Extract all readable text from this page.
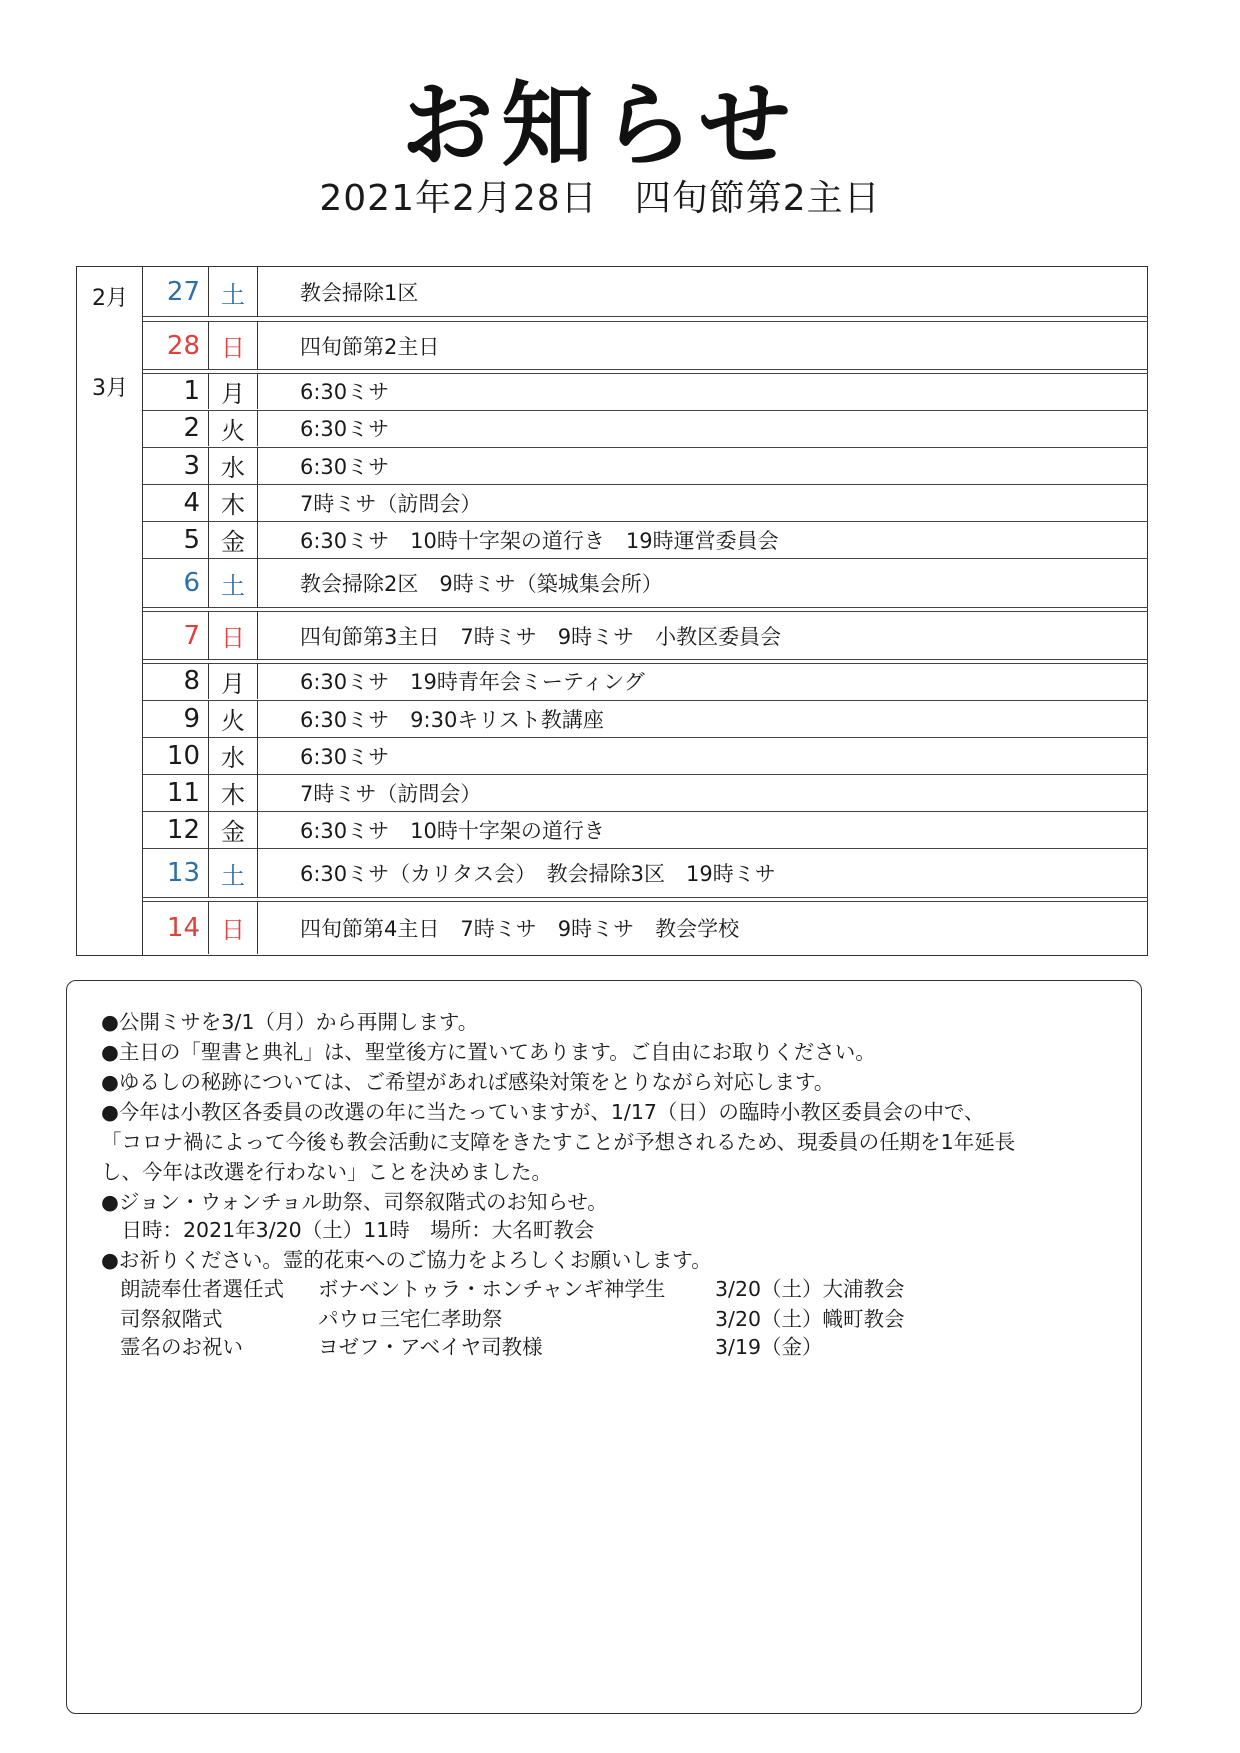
お知らせ
2021年2月28日　四旬節第2主日
2月
3月
27 土	教会掃除1区
28 日	四旬節第2主日
1 月	6:30ミサ
2 火	6:30ミサ
3 水	6:30ミサ
4 木	7時ミサ（訪問会）
5 金	6:30ミサ　10時十字架の道行き　19時運営委員会
6 土	教会掃除2区　9時ミサ（築城集会所）
7 日	四旬節第3主日　7時ミサ　9時ミサ　小教区委員会
8 月	6:30ミサ　19時青年会ミーティング
9 火	6:30ミサ　9:30キリスト教講座
10 水	6:30ミサ
11 木	7時ミサ（訪問会）
12 金	6:30ミサ　10時十字架の道行き
13 土	6:30ミサ（カリタス会）　教会掃除3区　19時ミサ
14 日	四旬節第4主日　7時ミサ　9時ミサ　教会学校
●公開ミサを3/1（月）から再開します。
●主日の「聖書と典礼」は、聖堂後方に置いてあります。ご自由にお取りください。
●ゆるしの秘跡については、ご希望があれば感染対策をとりながら対応します。
●今年は小教区各委員の改選の年に当たっていますが、1/17（日）の臨時小教区委員会の中で、
「コロナ禍によって今後も教会活動に支障をきたすことが予想されるため、現委員の任期を1年延長
し、今年は改選を行わない」ことを決めました。
●ジョン・ウォンチョル助祭、司祭叙階式のお知らせ。
　日時：2021年3/20（土）11時　場所：大名町教会
●お祈りください。霊的花束へのご協力をよろしくお願いします。
朗読奉仕者選任式 ボナベントゥラ・ホンチャンギ神学生 3/20（土）大浦教会
司祭叙階式	パウロ三宅仁孝助祭	3/20（土）幟町教会
霊名のお祝い	ヨゼフ・アベイヤ司教様	3/19（金）
